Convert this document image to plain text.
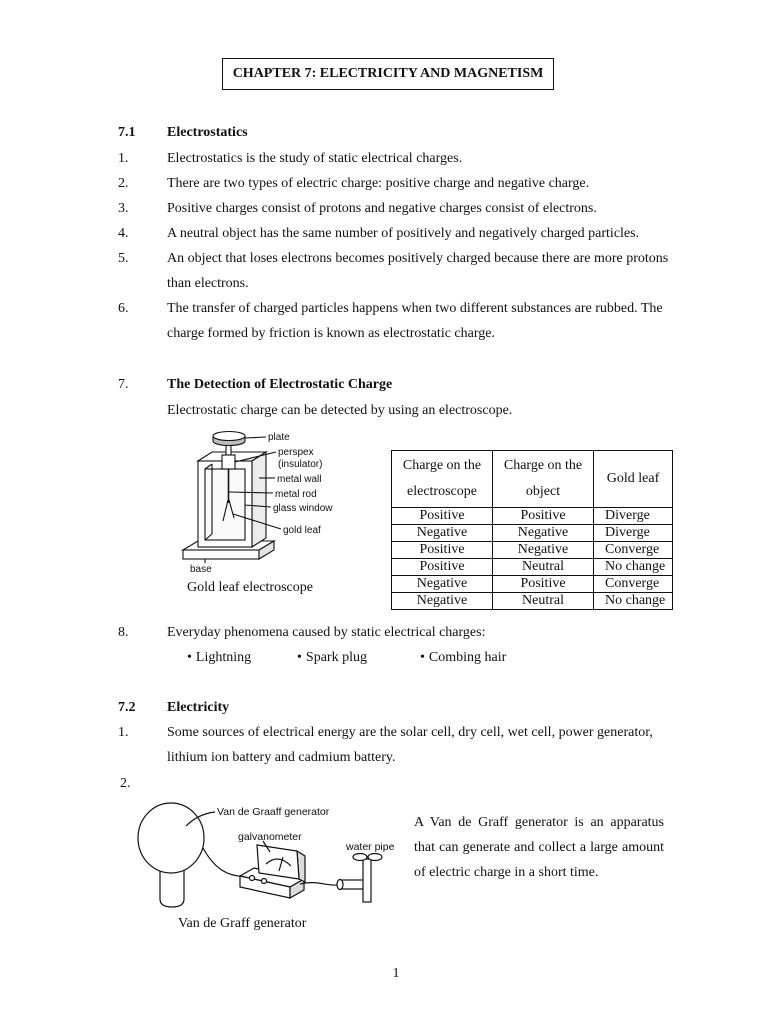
CHAPTER 7: ELECTRICITY AND MAGNETISM
7.1 Electrostatics
1.	Electrostatics is the study of static electrical charges.
2.	There are two types of electric charge: positive charge and negative charge.
3.	Positive charges consist of protons and negative charges consist of electrons.
4.	A neutral object has the same number of positively and negatively charged particles.
5.	An object that loses electrons becomes positively charged because there are more protons than electrons.
6.	The transfer of charged particles happens when two different substances are rubbed. The charge formed by friction is known as electrostatic charge.
7.	The Detection of Electrostatic Charge
Electrostatic charge can be detected by using an electroscope.
plate
perspex
(insulator)
metal wall
metal rod
glass window
gold leaf
base
Gold leaf electroscope
Charge on the electroscope	Charge on the object	Gold leaf
Positive	Positive	Diverge
Negative	Negative	Diverge
Positive	Negative	Converge
Positive	Neutral	No change
Negative	Positive	Converge
Negative	Neutral	No change
8.	Everyday phenomena caused by static electrical charges:
• Lightning	• Spark plug	• Combing hair
7.2 Electricity
1.	Some sources of electrical energy are the solar cell, dry cell, wet cell, power generator, lithium ion battery and cadmium battery.
2.
Van de Graaff generator
galvanometer
water pipe
A Van de Graff generator is an apparatus that can generate and collect a large amount of electric charge in a short time.
Van de Graff generator
1
